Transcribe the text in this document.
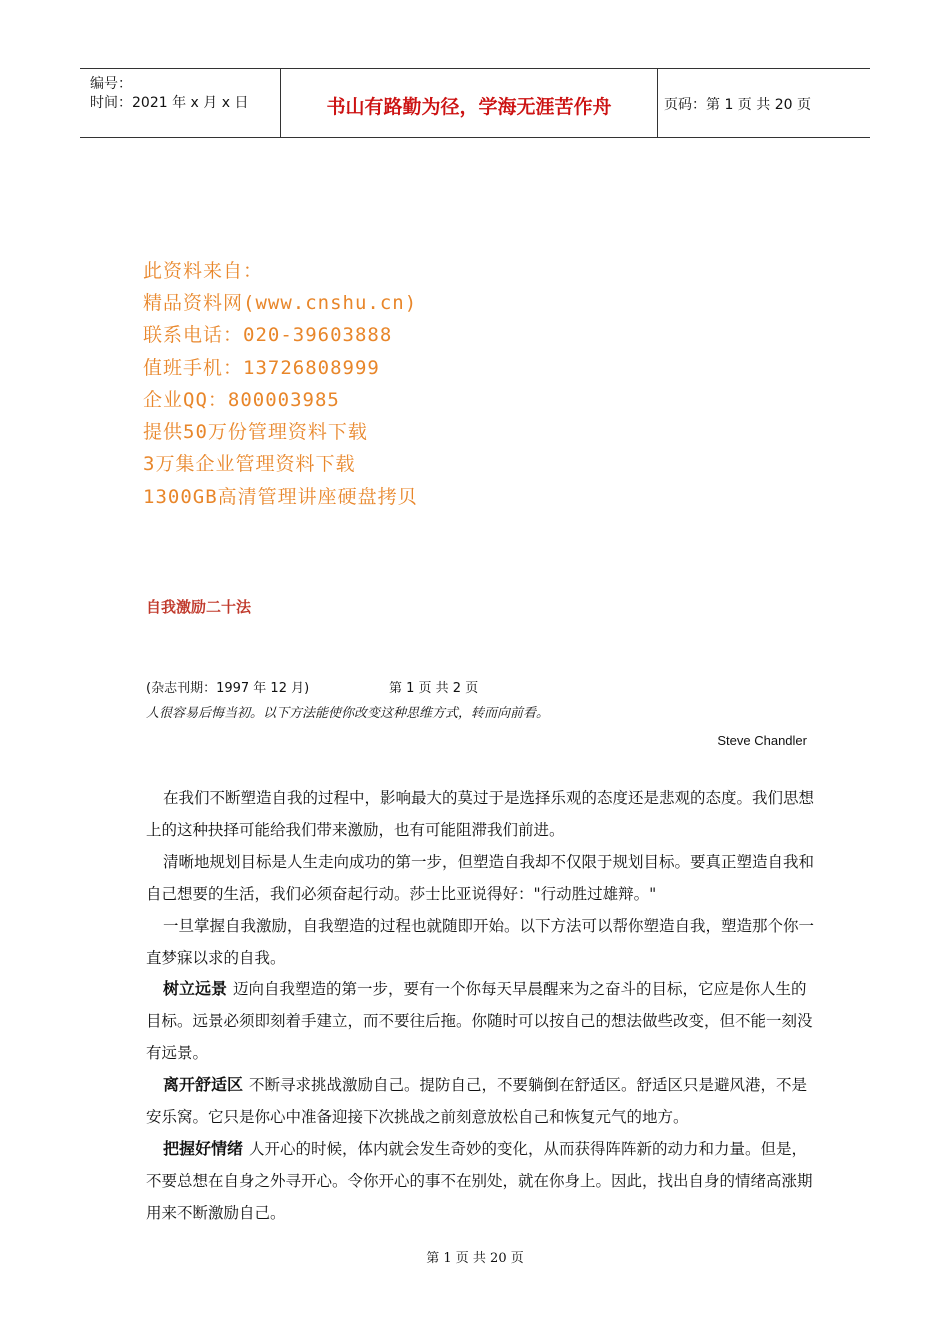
编号：
时间：2021 年 x 月 x 日	书山有路勤为径，学海无涯苦作舟	页码：第 1 页 共 20 页
此资料来自：
精品资料网(www.cnshu.cn)
联系电话：020-39603888
值班手机：13726808999
企业QQ：800003985
提供50万份管理资料下载
3万集企业管理资料下载
1300GB高清管理讲座硬盘拷贝
自我激励二十法
(杂志刊期：1997 年 12 月)	第 1 页 共 2 页
人很容易后悔当初。以下方法能使你改变这种思维方式，转而向前看。
Steve Chandler
在我们不断塑造自我的过程中，影响最大的莫过于是选择乐观的态度还是悲观的态度。我们思想上的这种抉择可能给我们带来激励，也有可能阻滞我们前进。
清晰地规划目标是人生走向成功的第一步，但塑造自我却不仅限于规划目标。要真正塑造自我和自己想要的生活，我们必须奋起行动。莎士比亚说得好："行动胜过雄辩。"
一旦掌握自我激励，自我塑造的过程也就随即开始。以下方法可以帮你塑造自我，塑造那个你一直梦寐以求的自我。
树立远景 迈向自我塑造的第一步，要有一个你每天早晨醒来为之奋斗的目标，它应是你人生的目标。远景必须即刻着手建立，而不要往后拖。你随时可以按自己的想法做些改变，但不能一刻没有远景。
离开舒适区 不断寻求挑战激励自己。提防自己，不要躺倒在舒适区。舒适区只是避风港，不是安乐窝。它只是你心中准备迎接下次挑战之前刻意放松自己和恢复元气的地方。
把握好情绪 人开心的时候，体内就会发生奇妙的变化，从而获得阵阵新的动力和力量。但是，不要总想在自身之外寻开心。令你开心的事不在别处，就在你身上。因此，找出自身的情绪高涨期用来不断激励自己。
第 1 页 共 20 页
